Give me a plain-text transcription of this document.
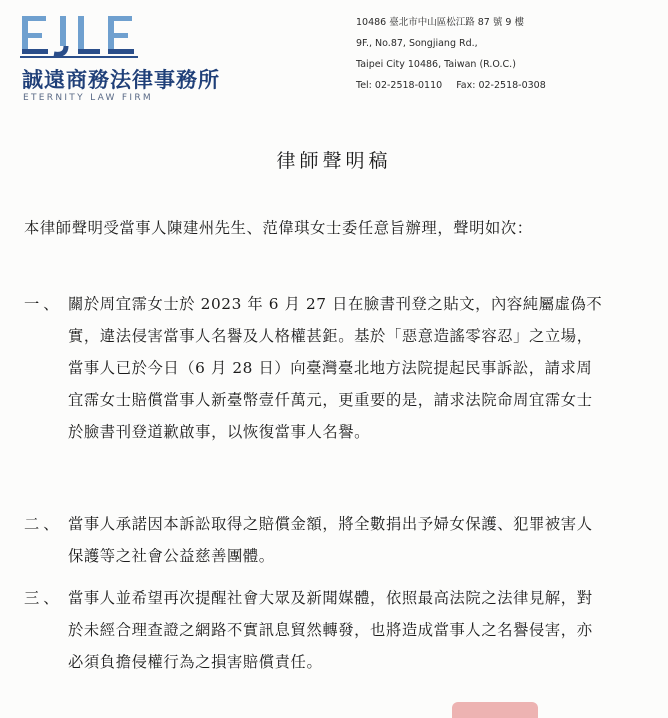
誠遠商務法律事務所
ETERNITY LAW FIRM
10486 臺北市中山區松江路 87 號 9 樓
9F., No.87, Songjiang Rd.,
Taipei City 10486, Taiwan (R.O.C.)
Tel: 02-2518-0110 Fax: 02-2518-0308
律師聲明稿
本律師聲明受當事人陳建州先生、范偉琪女士委任意旨辦理，聲明如次：
一、 關於周宜霈女士於 2023 年 6 月 27 日在臉書刊登之貼文，內容純屬虛偽不實，違法侵害當事人名譽及人格權甚鉅。基於「惡意造謠零容忍」之立場，當事人已於今日（6 月 28 日）向臺灣臺北地方法院提起民事訴訟，請求周宜霈女士賠償當事人新臺幣壹仟萬元，更重要的是，請求法院命周宜霈女士於臉書刊登道歉啟事，以恢復當事人名譽。
二、 當事人承諾因本訴訟取得之賠償金額，將全數捐出予婦女保護、犯罪被害人保護等之社會公益慈善團體。
三、 當事人並希望再次提醒社會大眾及新聞媒體，依照最高法院之法律見解，對於未經合理查證之網路不實訊息貿然轉發，也將造成當事人之名譽侵害，亦必須負擔侵權行為之損害賠償責任。
